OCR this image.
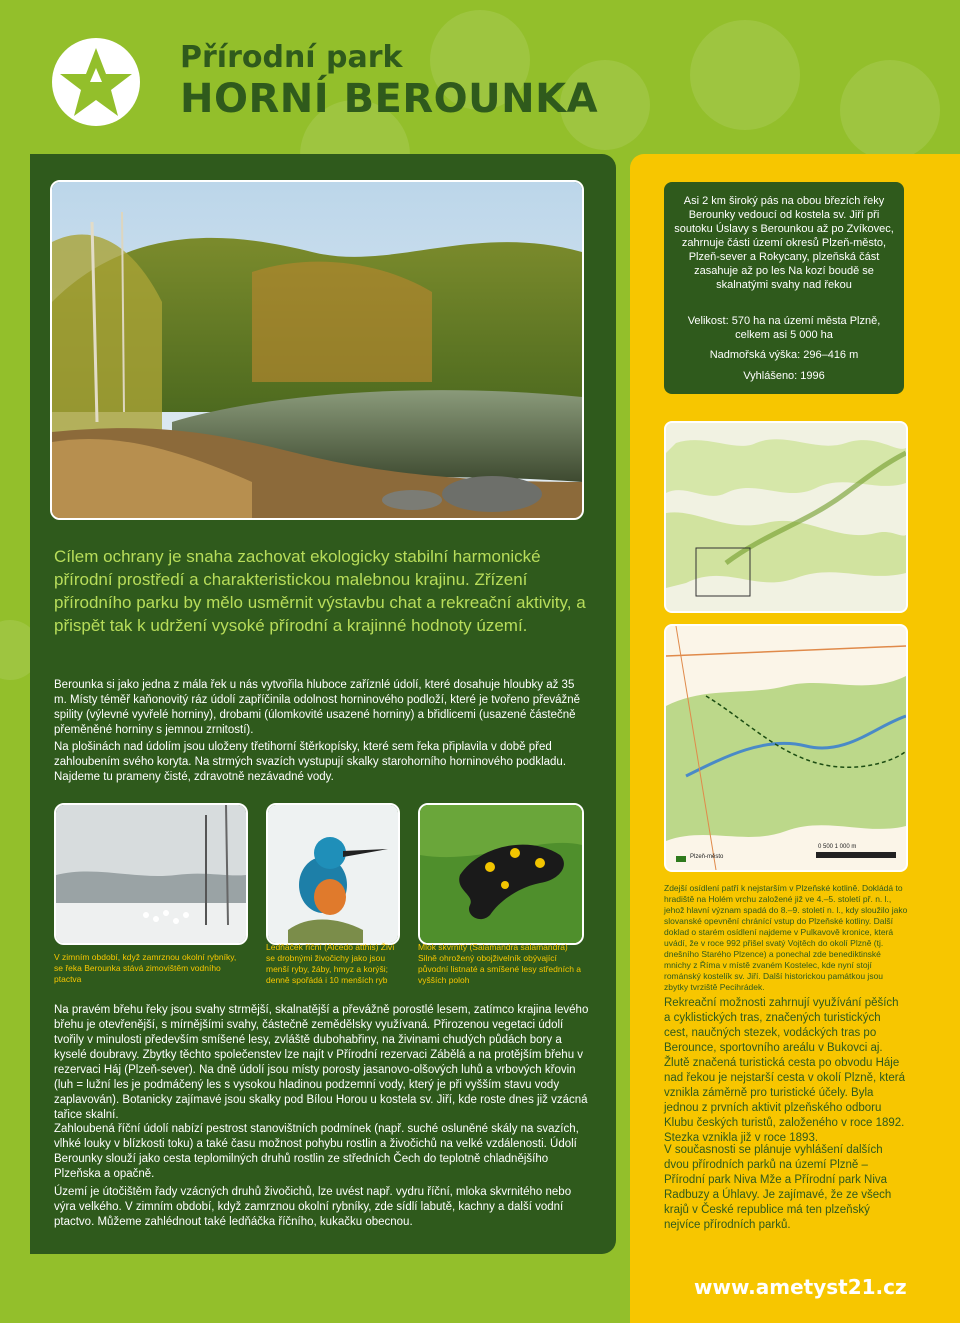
Přírodní park
HORNÍ BEROUNKA

Asi 2 km široký pás na obou březích řeky Berounky vedoucí od kostela sv. Jiří při soutoku Úslavy s Berounkou až po Zvíkovec, zahrnuje části území okresů Plzeň-město, Plzeň-sever a Rokycany, plzeňská část zasahuje až po les Na kozí boudě se skalnatými svahy nad řekou

Velikost: 570 ha na území města Plzně, celkem asi 5 000 ha

Nadmořská výška: 296–416 m

Vyhlášeno: 1996

Plzeň-město
0 500 1 000 m

Cílem ochrany je snaha zachovat ekologicky stabilní harmonické přírodní prostředí a charakteristickou malebnou krajinu. Zřízení přírodního parku by mělo usměrnit výstavbu chat a rekreační aktivity, a přispět tak k udržení vysoké přírodní a krajinné hodnoty území.

Berounka si jako jedna z mála řek u nás vytvořila hluboce zaříznlé údolí, které dosahuje hloubky až 35 m. Místy téměř kaňonovitý ráz údolí zapříčinila odolnost horninového podloží, které je tvořeno převážně spility (výlevné vyvřelé horniny), drobami (úlomkovité usazené horniny) a břidlicemi (usazené částečně přeměněné horniny s jemnou zrnitostí).

Na plošinách nad údolím jsou uloženy třetihorní štěrkopísky, které sem řeka připlavila v době před zahloubením svého koryta. Na strmých svazích vystupují skalky starohorního horninového podkladu. Najdeme tu prameny čisté, zdravotně nezávadné vody.

V zimním období, když zamrznou okolní rybníky, se řeka Berounka stává zimovištěm vodního ptactva

Ledňáček říční (Alcedo atthis) Živí se drobnými živočichy jako jsou menší ryby, žáby, hmyz a korýši; denně spořádá i 10 menších ryb

Mlok skvrnitý (Salamandra salamandra) Silně ohrožený obojživelník obývající původní listnaté a smíšené lesy středních a vyšších poloh

Na pravém břehu řeky jsou svahy strmější, skalnatější a převážně porostlé lesem, zatímco krajina levého břehu je otevřenější, s mírnějšími svahy, částečně zemědělsky využívaná. Přirozenou vegetaci údolí tvořily v minulosti především smíšené lesy, zvláště dubohabřiny, na živinami chudých půdách bory a kyselé doubravy. Zbytky těchto společenstev lze najít v Přírodní rezervaci Zábělá a na protějším břehu v rezervaci Háj (Plzeň-sever). Na dně údolí jsou místy porosty jasanovo-olšových luhů a vrbových křovin (luh = lužní les je podmáčený les s vysokou hladinou podzemní vody, který je při vyšším stavu vody zaplavován). Botanicky zajímavé jsou skalky pod Bílou Horou u kostela sv. Jiří, kde roste dnes již vzácná tařice skalní.

Zahloubená říční údolí nabízí pestrost stanovištních podmínek (např. suché osluněné skály na svazích, vlhké louky v blízkosti toku) a také času možnost pohybu rostlin a živočichů na velké vzdálenosti. Údolí Berounky slouží jako cesta teplomilných druhů rostlin ze středních Čech do teplotně chladnějšího Plzeňska a opačně.

Území je útočištěm řady vzácných druhů živočichů, lze uvést např. vydru říční, mloka skvrnitého nebo výra velkého. V zimním období, když zamrznou okolní rybníky, zde sídlí labutě, kachny a další vodní ptactvo. Můžeme zahlédnout také ledňáčka říčního, kukačku obecnou.

Zdejší osídlení patří k nejstarším v Plzeňské kotlině. Dokládá to hradiště na Holém vrchu založené již ve 4.–5. století př. n. l., jehož hlavní význam spadá do 8.–9. století n. l., kdy sloužilo jako slovanské opevnění chránící vstup do Plzeňské kotliny. Další doklad o starém osídlení najdeme v Pulkavově kronice, která uvádí, že v roce 992 přišel svatý Vojtěch do okolí Plzně (tj. dnešního Starého Plzence) a ponechal zde benediktinské mnichy z Říma v místě zvaném Kostelec, kde nyní stojí románský kostelík sv. Jiří. Další historickou památkou jsou zbytky tvrziště Pecihrádek.

Rekreační možnosti zahrnují využívání pěších a cyklistických tras, značených turistických cest, naučných stezek, vodáckých tras po Berounce, sportovního areálu v Bukovci aj. Žlutě značená turistická cesta po obvodu Háje nad řekou je nejstarší cesta v okolí Plzně, která vznikla záměrně pro turistické účely. Byla jednou z prvních aktivit plzeňského odboru Klubu českých turistů, založeného v roce 1892. Stezka vznikla již v roce 1893.

V současnosti se plánuje vyhlášení dalších dvou přírodních parků na území Plzně – Přírodní park Niva Mže a Přírodní park Niva Radbuzy a Úhlavy. Je zajímavé, že ze všech krajů v České republice má ten plzeňský nejvíce přírodních parků.

www.ametyst21.cz
